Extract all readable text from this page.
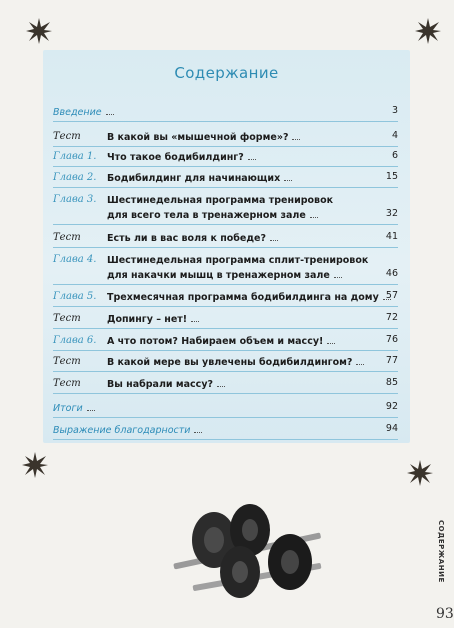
Содержание
Введение	3
Тест	В какой вы «мышечной форме»?	4
Глава 1. Что такое бодибилдинг?	6
Глава 2. Бодибилдинг для начинающих	15
Глава 3. Шестинедельная программа тренировок
для всего тела в тренажерном зале	32
Тест	Есть ли в вас воля к победе?	41
Глава 4. Шестинедельная программа сплит-тренировок
для накачки мышц в тренажерном зале	46
Глава 5. Трехмесячная программа бодибилдинга на дому 57
Тест	Допингу – нет!	72
Глава 6. А что потом? Набираем объем и массу!	76
Тест	В какой мере вы увлечены бодибилдингом?	77
Тест	Вы набрали массу?	85
Итоги	92
Выражение благодарности	94

СОДЕРЖАНИЕ
93
